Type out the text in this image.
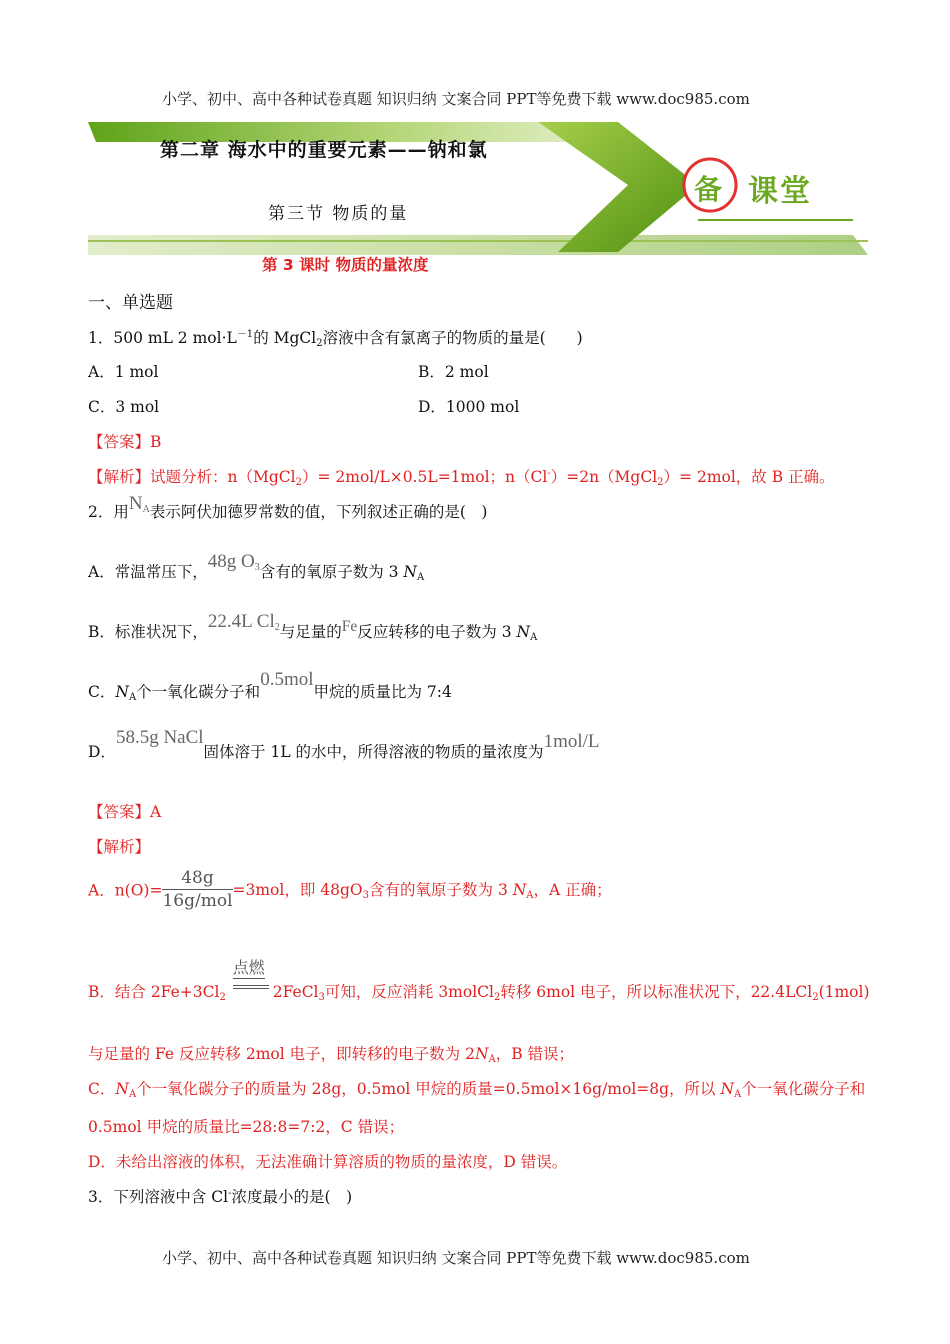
小学、初中、高中各种试卷真题 知识归纳 文案合同 PPT等免费下载 www.doc985.com
第二章 海水中的重要元素——钠和氯
第三节 物质的量
备 课堂
第 3 课时 物质的量浓度
一、单选题
1．500 mL 2 $mol\cdot L^{-1}$的 MgCl$_2$溶液中含有氯离子的物质的量是(　　)
A．1 mol	B．2 mol
C．3 mol	D．1000 mol
【答案】B
【解析】试题分析：n（MgCl$_2$）= 2mol/L×0.5L=1mol；n（Cl-）=2n（MgCl$_2$）= 2mol，故 B 正确。
2．用$N_A$表示阿伏加德罗常数的值，下列叙述正确的是(　)
A．常温常压下，48g $O_3$含有的氧原子数为 3 $N_A$
B．标准状况下，22.4L $Cl_2$与足量的Fe反应转移的电子数为 3 $N_A$
C．$N_A$个一氧化碳分子和0.5mol甲烷的质量比为 7:4
D．58.5g NaCl固体溶于 1L 的水中，所得溶液的物质的量浓度为1mol/L
【答案】A
【解析】
A．$n(O)= \frac{48g}{\text{16g/mol}} =3mol$，即 $48gO_3$含有的氧原子数为 3 $N_A$，A 正确；
B．结合 $2Fe+3Cl_2$
点燃
2FeCl$_3$可知，反应消耗 3molCl$_2$转移 6mol 电子，所以标准状况下，22.4LCl$_2$(1mol)
与足量的 Fe 反应转移 2mol 电子，即转移的电子数为 $2N_A$，B 错误；
C．$N_A$个一氧化碳分子的质量为 28g，0.5mol 甲烷的质量=0.5mol×16g/mol=8g，所以 $N_A$个一氧化碳分子和
0.5mol 甲烷的质量比=28:8=7:2，C 错误；
D．未给出溶液的体积，无法准确计算溶质的物质的量浓度，D 错误。
3．下列溶液中含 Cl-浓度最小的是(　)
小学、初中、高中各种试卷真题 知识归纳 文案合同 PPT等免费下载 www.doc985.com
